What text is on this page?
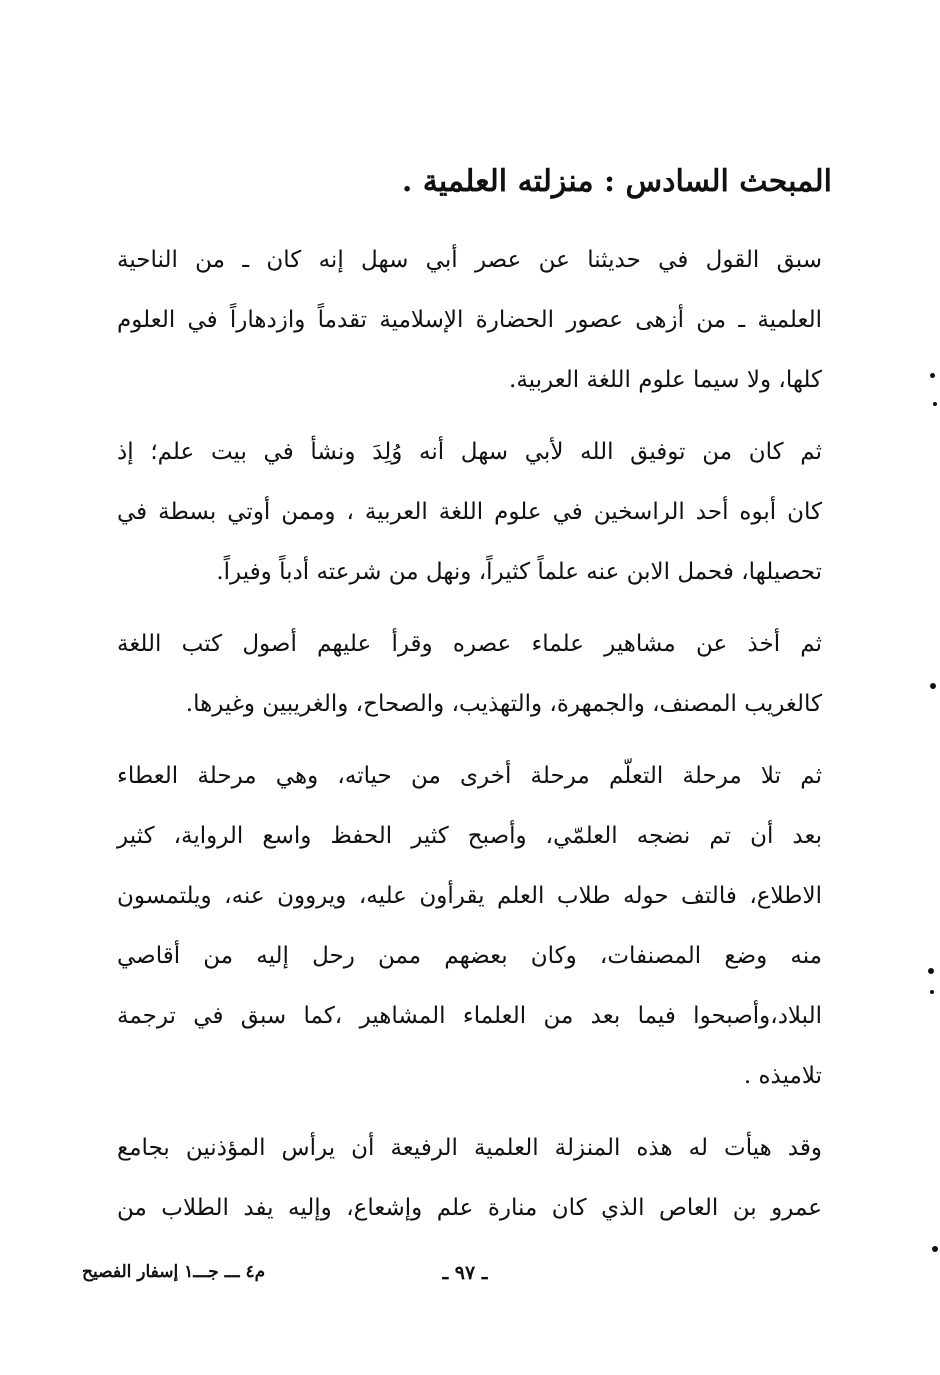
المبحث السادس : منزلته العلمية .
سبق القول في حديثنا عن عصر أبي سهل إنه كان ـ من الناحية
العلمية ـ من أزهى عصور الحضارة الإسلامية تقدماً وازدهاراً في العلوم
كلها، ولا سيما علوم اللغة العربية.
ثم كان من توفيق الله لأبي سهل أنه وُلِدَ ونشأ في بيت علم؛ إذ
كان أبوه أحد الراسخين في علوم اللغة العربية ، وممن أوتي بسطة في
تحصيلها، فحمل الابن عنه علماً كثيراً، ونهل من شرعته أدباً وفيراً.
ثم أخذ عن مشاهير علماء عصره وقرأ عليهم أصول كتب اللغة
كالغريب المصنف، والجمهرة، والتهذيب، والصحاح، والغريبين وغيرها.
ثم تلا مرحلة التعلّم مرحلة أخرى من حياته، وهي مرحلة العطاء
بعد أن تم نضجه العلمّي، وأصبح كثير الحفظ واسع الرواية، كثير
الاطلاع، فالتف حوله طلاب العلم يقرأون عليه، ويروون عنه، ويلتمسون
منه وضع المصنفات، وكان بعضهم ممن رحل إليه من أقاصي
البلاد،وأصبحوا فيما بعد من العلماء المشاهير ،كما سبق في ترجمة
تلاميذه .
وقد هيأت له هذه المنزلة العلمية الرفيعة أن يرأس المؤذنين بجامع
عمرو بن العاص الذي كان منارة علم وإشعاع، وإليه يفد الطلاب من
ـ ٩٧ ـ
م٤ ـــ جـــ١ إسفار الفصيح
